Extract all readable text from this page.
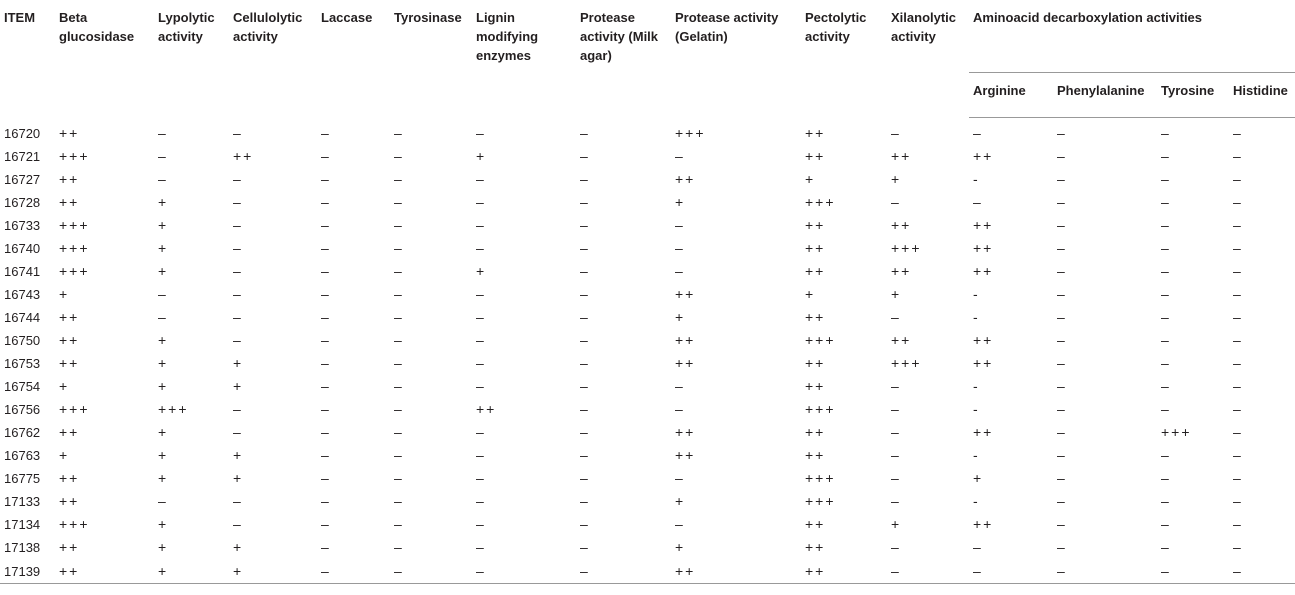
ITEM	Beta glucosidase	Lypolytic activity	Cellulolytic activity	Laccase	Tyrosinase	Lignin modifying enzymes	Protease activity (Milk agar)	Protease activity (Gelatin)	Pectolytic activity	Xilanolytic activity	Aminoacid decarboxylation activities			
											Arginine	Phenylalanine	Tyrosine	Histidine
16720	++	–	–	–	–	–	–	+++	++	–	–	–	–	–
16721	+++	–	++	–	–	+	–	–	++	++	++	–	–	–
16727	++	–	–	–	–	–	–	++	+	+	-	–	–	–
16728	++	+	–	–	–	–	–	+	+++	–	–	–	–	–
16733	+++	+	–	–	–	–	–	–	++	++	++	–	–	–
16740	+++	+	–	–	–	–	–	–	++	+++	++	–	–	–
16741	+++	+	–	–	–	+	–	–	++	++	++	–	–	–
16743	+	–	–	–	–	–	–	++	+	+	-	–	–	–
16744	++	–	–	–	–	–	–	+	++	–	-	–	–	–
16750	++	+	–	–	–	–	–	++	+++	++	++	–	–	–
16753	++	+	+	–	–	–	–	++	++	+++	++	–	–	–
16754	+	+	+	–	–	–	–	–	++	–	-	–	–	–
16756	+++	+++	–	–	–	++	–	–	+++	–	-	–	–	–
16762	++	+	–	–	–	–	–	++	++	–	++	–	+++	–
16763	+	+	+	–	–	–	–	++	++	–	-	–	–	–
16775	++	+	+	–	–	–	–	–	+++	–	+	–	–	–
17133	++	–	–	–	–	–	–	+	+++	–	-	–	–	–
17134	+++	+	–	–	–	–	–	–	++	+	++	–	–	–
17138	++	+	+	–	–	–	–	+	++	–	–	–	–	–
17139	++	+	+	–	–	–	–	++	++	–	–	–	–	–
